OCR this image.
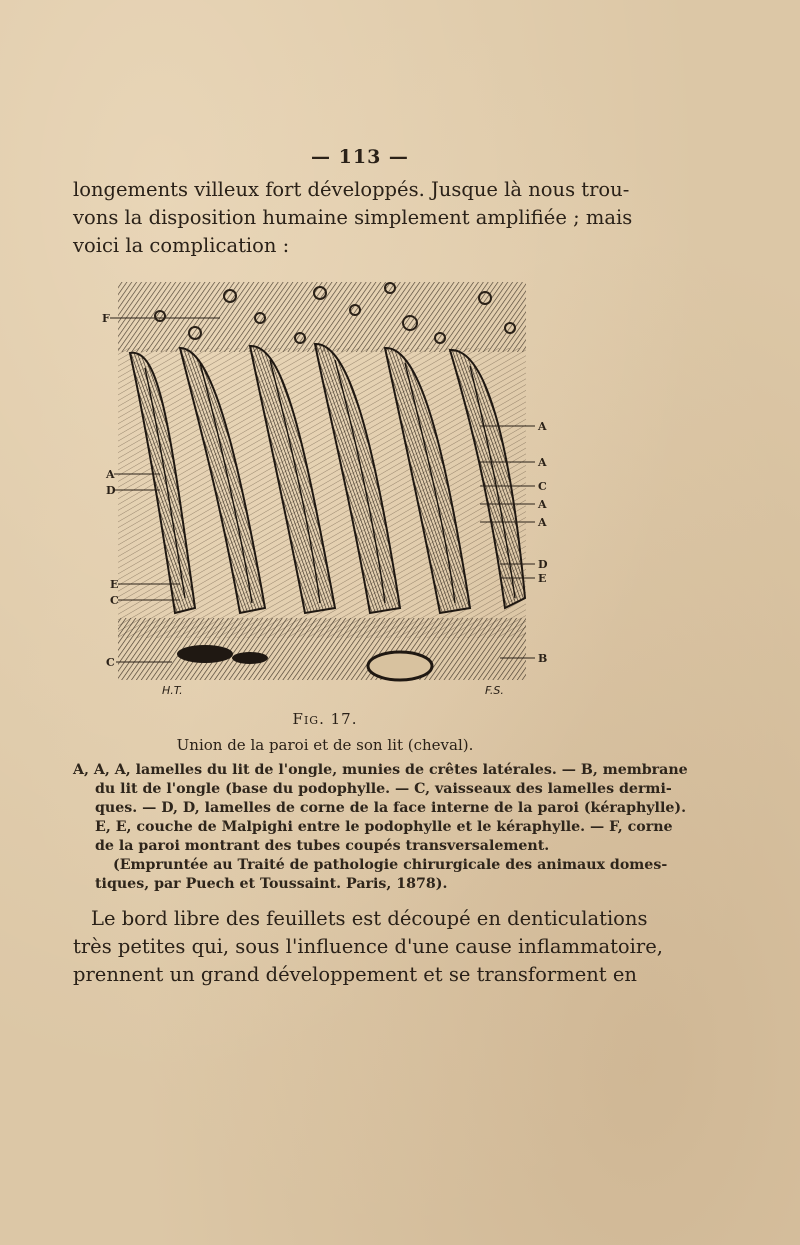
— 113 —

longements villeux fort développés. Jusque là nous trou-
vons la disposition humaine simplement amplifiée ; mais
voici la complication :

F
A
D
E
C
C
A
A
C
A
A
D
E
B
H.T.	F.S.
Fig. 17.
Union de la paroi et de son lit (cheval).

A, A, A, lamelles du lit de l'ongle, munies de crêtes latérales. — B, membrane
du lit de l'ongle (base du podophylle. — C, vaisseaux des lamelles dermi-
ques. — D, D, lamelles de corne de la face interne de la paroi (kéraphylle).
E, E, couche de Malpighi entre le podophylle et le kéraphylle. — F, corne
de la paroi montrant des tubes coupés transversalement.
(Empruntée au Traité de pathologie chirurgicale des animaux domes-
tiques, par Puech et Toussaint. Paris, 1878).

Le bord libre des feuillets est découpé en denticulations
très petites qui, sous l'influence d'une cause inflammatoire,
prennent un grand développement et se transforment en
